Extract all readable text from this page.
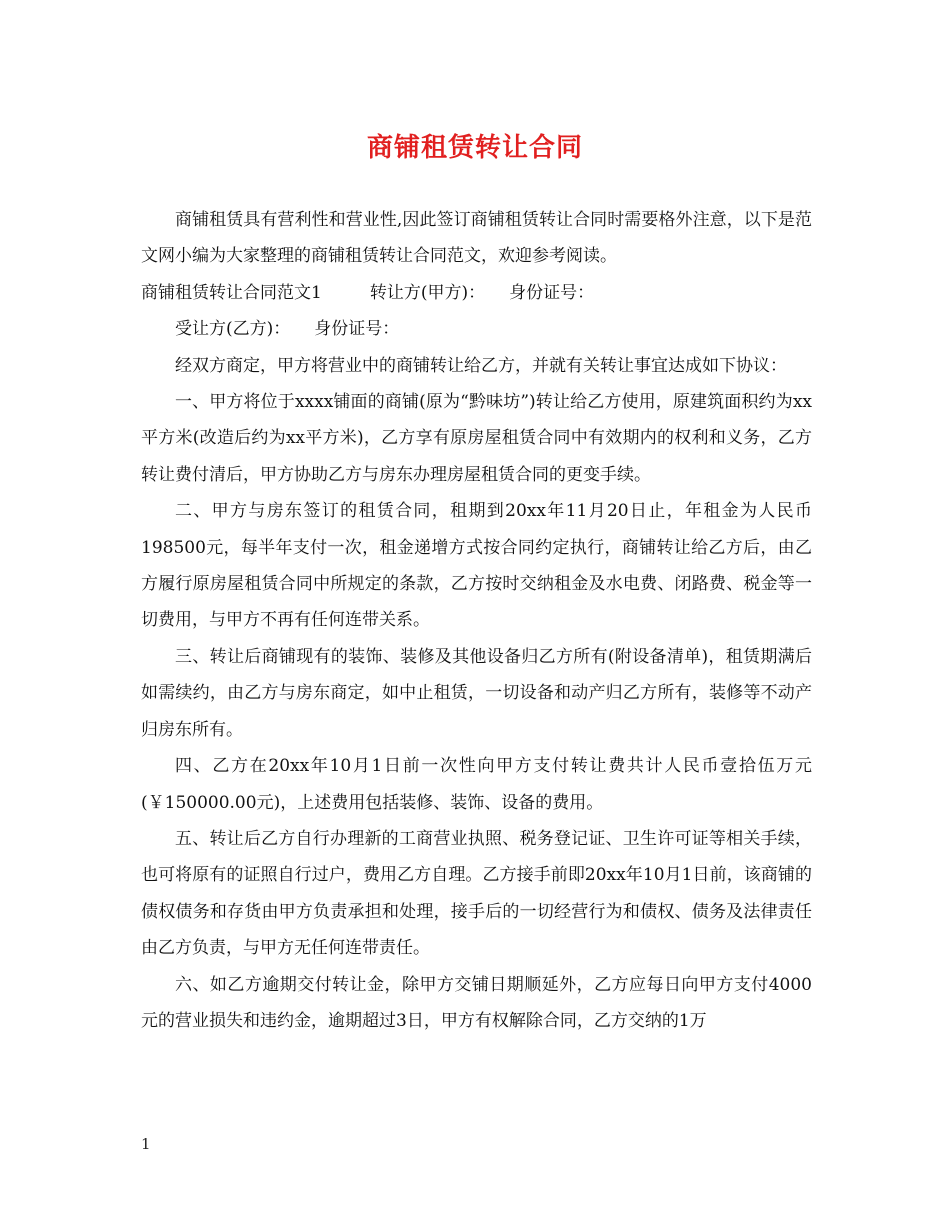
商铺租赁转让合同

商铺租赁具有营利性和营业性,因此签订商铺租赁转让合同时需要格外注意，以下是范文网小编为大家整理的商铺租赁转让合同范文，欢迎参考阅读。

商铺租赁转让合同范文1	转让方(甲方)： 身份证号：

受让方(乙方)： 身份证号：

经双方商定，甲方将营业中的商铺转让给乙方，并就有关转让事宜达成如下协议：

一、甲方将位于xxxx铺面的商铺(原为“黔味坊”)转让给乙方使用，原建筑面积约为xx平方米(改造后约为xx平方米)，乙方享有原房屋租赁合同中有效期内的权利和义务，乙方转让费付清后，甲方协助乙方与房东办理房屋租赁合同的更变手续。

二、甲方与房东签订的租赁合同，租期到20xx年11月20日止，年租金为人民币198500元，每半年支付一次，租金递增方式按合同约定执行，商铺转让给乙方后，由乙方履行原房屋租赁合同中所规定的条款，乙方按时交纳租金及水电费、闭路费、税金等一切费用，与甲方不再有任何连带关系。

三、转让后商铺现有的装饰、装修及其他设备归乙方所有(附设备清单)，租赁期满后如需续约，由乙方与房东商定，如中止租赁，一切设备和动产归乙方所有，装修等不动产归房东所有。

四、乙方在20xx年10月1日前一次性向甲方支付转让费共计人民币壹拾伍万元(￥150000.00元)，上述费用包括装修、装饰、设备的费用。

五、转让后乙方自行办理新的工商营业执照、税务登记证、卫生许可证等相关手续，也可将原有的证照自行过户，费用乙方自理。乙方接手前即20xx年10月1日前，该商铺的债权债务和存货由甲方负责承担和处理，接手后的一切经营行为和债权、债务及法律责任由乙方负责，与甲方无任何连带责任。

六、如乙方逾期交付转让金，除甲方交铺日期顺延外，乙方应每日向甲方支付4000元的营业损失和违约金，逾期超过3日，甲方有权解除合同，乙方交纳的1万

1
